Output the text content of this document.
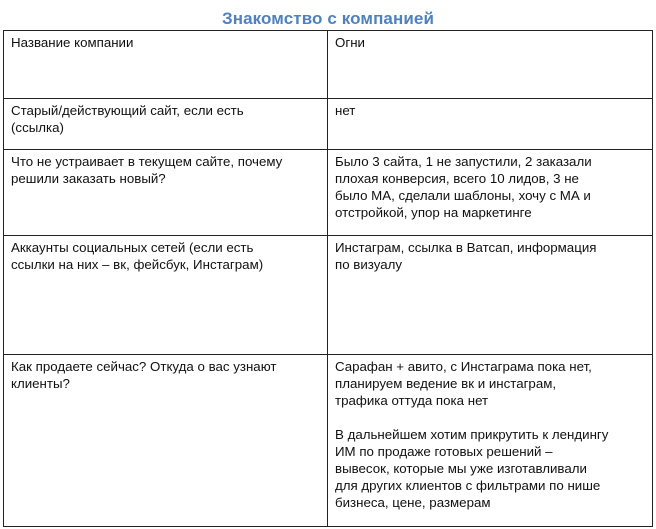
Знакомство с компанией
Название компании	Огни
Старый/действующий сайт, если есть
(ссылка)
нет
Что не устраивает в текущем сайте, почему
решили заказать новый?
Было 3 сайта, 1 не запустили, 2 заказали
плохая конверсия, всего 10 лидов, 3 не
было МА, сделали шаблоны, хочу с МА и
отстройкой, упор на маркетинге
Аккаунты социальных сетей (если есть
ссылки на них – вк, фейсбук, Инстаграм)
Инстаграм, ссылка в Ватсап, информация
по визуалу
Как продаете сейчас? Откуда о вас узнают
клиенты?
Сарафан + авито, с Инстаграма пока нет,
планируем ведение вк и инстаграм,
трафика оттуда пока нет

В дальнейшем хотим прикрутить к лендингу
ИМ по продаже готовых решений –
вывесок, которые мы уже изготавливали
для других клиентов с фильтрами по нише
бизнеса, цене, размерам
